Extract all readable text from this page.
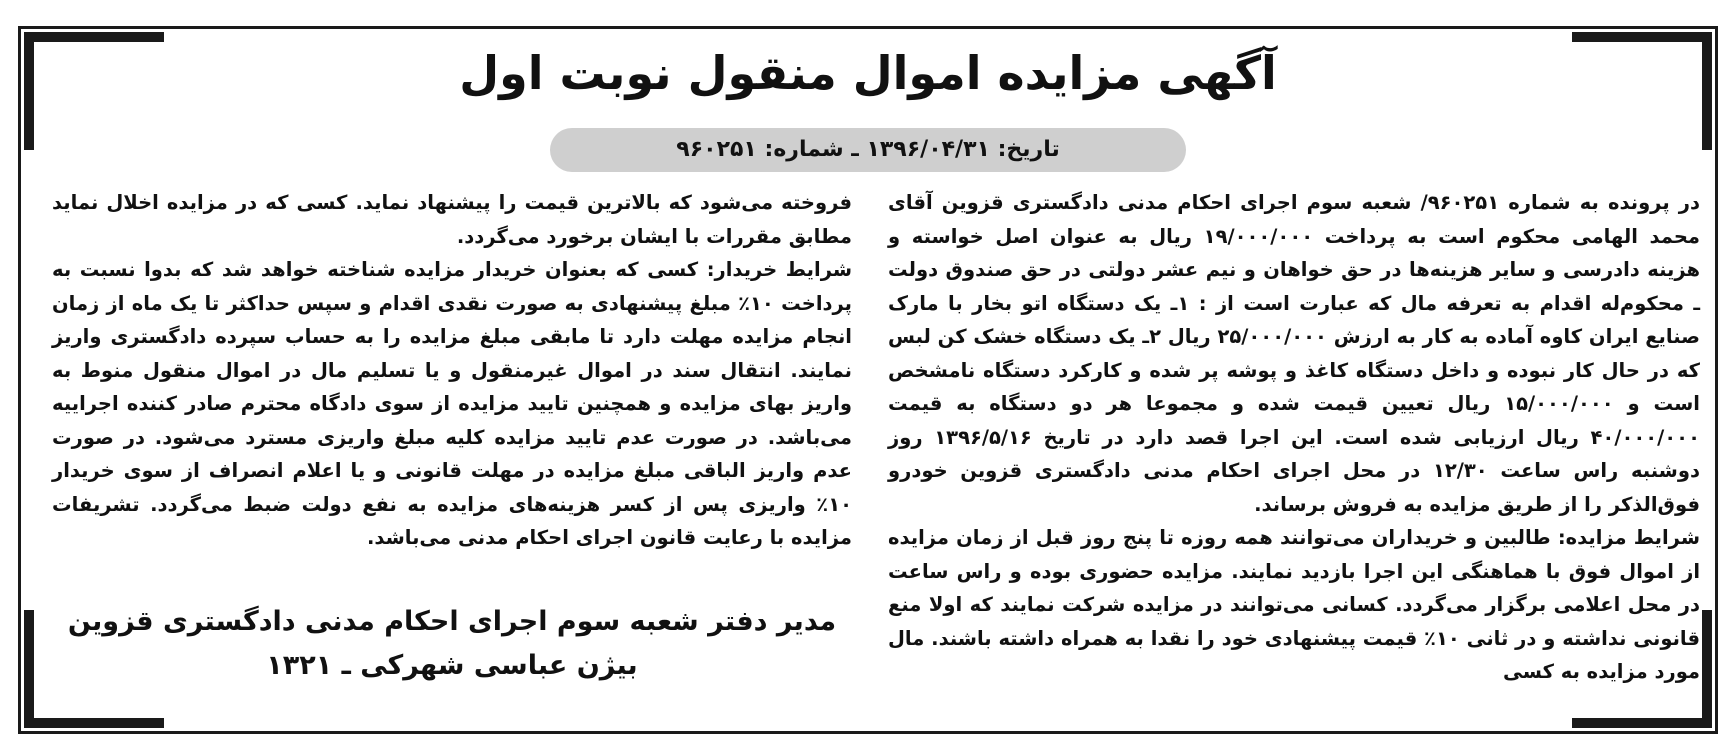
آگهی مزایده اموال منقول نوبت اول
تاریخ: ۱۳۹۶/۰۴/۳۱ ـ شماره: ۹۶۰۲۵۱

در پرونده به شماره ۹۶۰۲۵۱/ شعبه سوم اجرای احکام مدنی دادگستری قزوین آقای محمد الهامی محکوم است به پرداخت ۱۹/۰۰۰/۰۰۰ ریال به عنوان اصل خواسته و هزینه دادرسی و سایر هزینه‌ها در حق خواهان و نیم عشر دولتی در حق صندوق دولت ـ محکوم‌له اقدام به تعرفه مال که عبارت است از : ۱ـ یک دستگاه اتو بخار با مارک صنایع ایران کاوه آماده به کار به ارزش ۲۵/۰۰۰/۰۰۰ ریال ۲ـ یک دستگاه خشک کن لبس که در حال کار نبوده و داخل دستگاه کاغذ و پوشه پر شده و کارکرد دستگاه نامشخص است و ۱۵/۰۰۰/۰۰۰ ریال تعیین قیمت شده و مجموعا هر دو دستگاه به قیمت ۴۰/۰۰۰/۰۰۰ ریال ارزیابی شده است. این اجرا قصد دارد در تاریخ ۱۳۹۶/۵/۱۶ روز دوشنبه راس ساعت ۱۲/۳۰ در محل اجرای احکام مدنی دادگستری قزوین خودرو فوق‌الذکر را از طریق مزایده به فروش برساند.

شرایط مزایده: طالبین و خریداران می‌توانند همه روزه تا پنج روز قبل از زمان مزایده از اموال فوق با هماهنگی این اجرا بازدید نمایند. مزایده حضوری بوده و راس ساعت در محل اعلامی برگزار می‌گردد. کسانی می‌توانند در مزایده شرکت نمایند که اولا منع قانونی نداشته و در ثانی ۱۰٪ قیمت پیشنهادی خود را نقدا به همراه داشته باشند. مال مورد مزایده به کسی

فروخته می‌شود که بالاترین قیمت را پیشنهاد نماید. کسی که در مزایده اخلال نماید مطابق مقررات با ایشان برخورد می‌گردد.

شرایط خریدار: کسی که بعنوان خریدار مزایده شناخته خواهد شد که بدوا نسبت به پرداخت ۱۰٪ مبلغ پیشنهادی به صورت نقدی اقدام و سپس حداکثر تا یک ماه از زمان انجام مزایده مهلت دارد تا مابقی مبلغ مزایده را به حساب سپرده دادگستری واریز نمایند. انتقال سند در اموال غیرمنقول و یا تسلیم مال در اموال منقول منوط به واریز بهای مزایده و همچنین تایید مزایده از سوی دادگاه محترم صادر کننده اجراییه می‌باشد. در صورت عدم تایید مزایده کلیه مبلغ واریزی مسترد می‌شود. در صورت عدم واریز الباقی مبلغ مزایده در مهلت قانونی و یا اعلام انصراف از سوی خریدار ۱۰٪ واریزی پس از کسر هزینه‌های مزایده به نفع دولت ضبط می‌گردد. تشریفات مزایده با رعایت قانون اجرای احکام مدنی می‌باشد.

مدیر دفتر شعبه سوم اجرای احکام مدنی دادگستری قزوین
بیژن عباسی شهرکی ـ ۱۳۲۱
